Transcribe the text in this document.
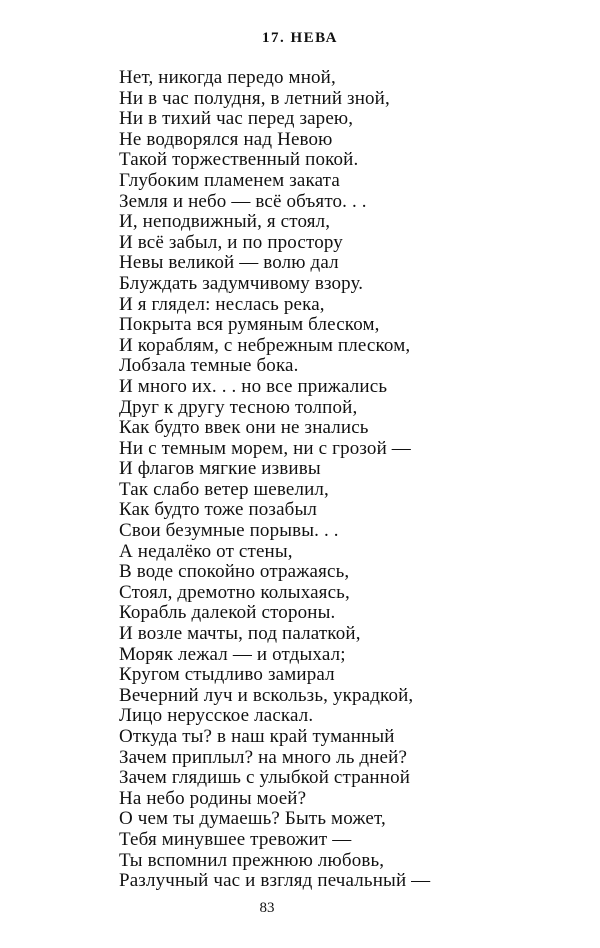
17. НЕВА
Нет, никогда передо мной,
Ни в час полудня, в летний зной,
Ни в тихий час перед зарею,
Не водворялся над Невою
Такой торжественный покой.
Глубоким пламенем заката
Земля и небо — всё объято. . .
И, неподвижный, я стоял,
И всё забыл, и по простору
Невы великой — волю дал
Блуждать задумчивому взору.
И я глядел: неслась река,
Покрыта вся румяным блеском,
И кораблям, с небрежным плеском,
Лобзала темные бока.
И много их. . . но все прижались
Друг к другу тесною толпой,
Как будто ввек они не знались
Ни с темным морем, ни с грозой —
И флагов мягкие извивы
Так слабо ветер шевелил,
Как будто тоже позабыл
Свои безумные порывы. . .
А недалёко от стены,
В воде спокойно отражаясь,
Стоял, дремотно колыхаясь,
Корабль далекой стороны.
И возле мачты, под палаткой,
Моряк лежал — и отдыхал;
Кругом стыдливо замирал
Вечерний луч и вскользь, украдкой,
Лицо нерусское ласкал.
Откуда ты? в наш край туманный
Зачем приплыл? на много ль дней?
Зачем глядишь с улыбкой странной
На небо родины моей?
О чем ты думаешь? Быть может,
Тебя минувшее тревожит —
Ты вспомнил прежнюю любовь,
Разлучный час и взгляд печальный —
83
